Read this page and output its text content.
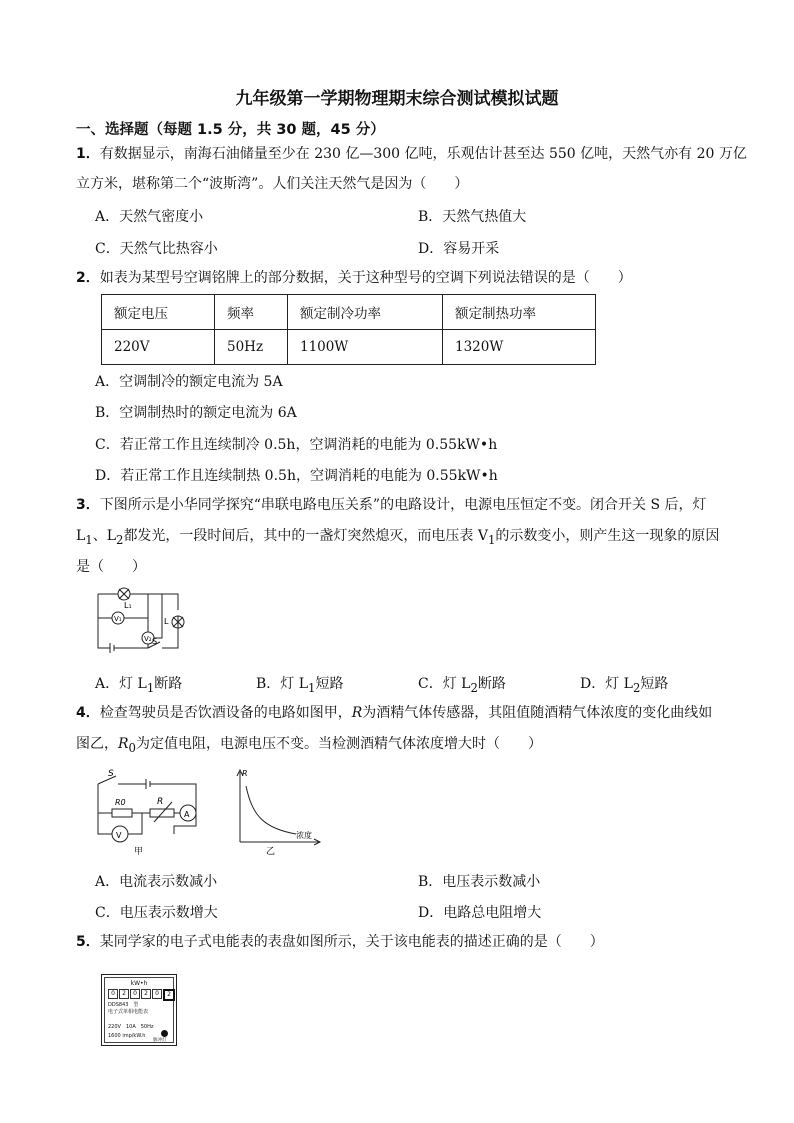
九年级第一学期物理期末综合测试模拟试题
一、选择题（每题 1.5 分，共 30 题，45 分）
1．有数据显示，南海石油储量至少在 230 亿—300 亿吨，乐观估计甚至达 550 亿吨，天然气亦有 20 万亿
立方米，堪称第二个“波斯湾”。人们关注天然气是因为（　　）
A．天然气密度小	B．天然气热值大
C．天然气比热容小	D．容易开采
2．如表为某型号空调铭牌上的部分数据，关于这种型号的空调下列说法错误的是（　　）
额定电压	频率	额定制冷功率	额定制热功率
220V	50Hz	1100W	1320W
A．空调制冷的额定电流为 5A
B．空调制热时的额定电流为 6A
C．若正常工作且连续制冷 0.5h，空调消耗的电能为 0.55kW•h
D．若正常工作且连续制热 0.5h，空调消耗的电能为 0.55kW•h
3．下图所示是小华同学探究“串联电路电压关系”的电路设计，电源电压恒定不变。闭合开关 S 后，灯
$L_1$、$L_2$都发光，一段时间后，其中的一盏灯突然熄灭，而电压表 $V_1$的示数变小，则产生这一现象的原因
是（　　）
L₁
V₁
V₂
L
S
A．灯 $L_1$断路	B．灯 $L_1$短路	C．灯 $L_2$断路	D．灯 $L_2$短路
4．检查驾驶员是否饮酒设备的电路如图甲，R为酒精气体传感器，其阻值随酒精气体浓度的变化曲线如
图乙，$R_0$为定值电阻，电源电压不变。当检测酒精气体浓度增大时（　　）
S
R0	R
A
V
甲
R
浓度
乙
A．电流表示数减小	B．电压表示数减小
C．电压表示数增大	D．电路总电阻增大
5．某同学家的电子式电能表的表盘如图所示，关于该电能表的描述正确的是（　　）
kW•h
0	2	0	2	0	2
DDS843　型
电子式单相电能表
220V　10A　50Hz
1600 imp/kW.h
脉冲灯
